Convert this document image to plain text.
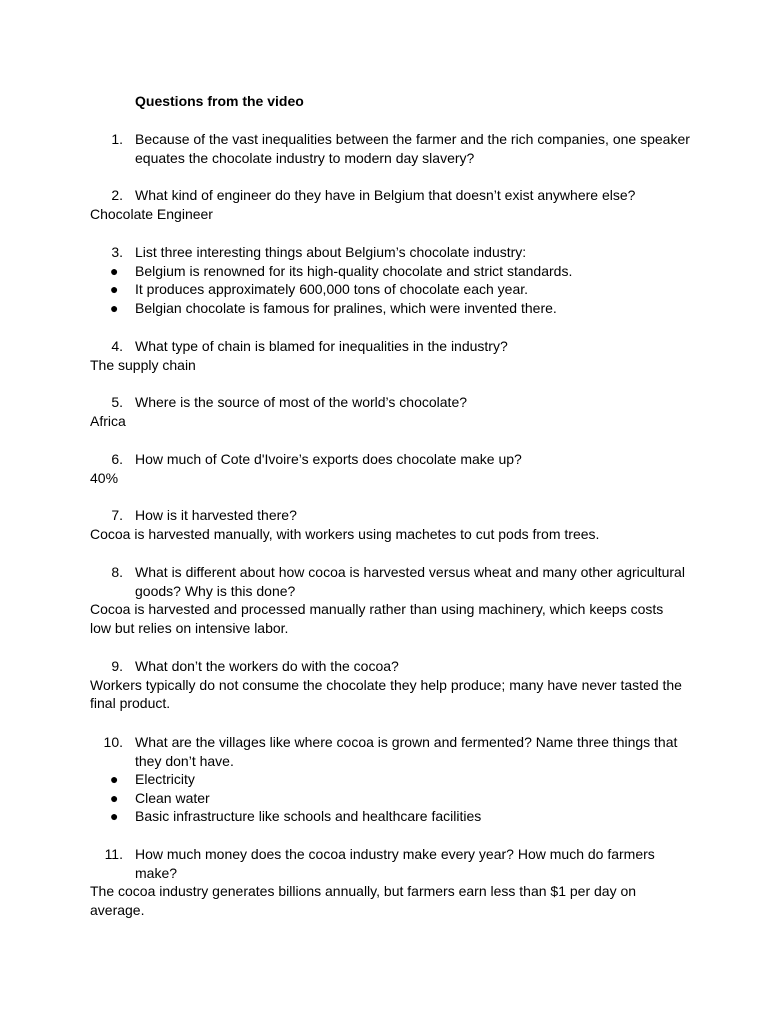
Questions from the video
1. Because of the vast inequalities between the farmer and the rich companies, one speaker equates the chocolate industry to modern day slavery?
2. What kind of engineer do they have in Belgium that doesn’t exist anywhere else?
Chocolate Engineer
3. List three interesting things about Belgium’s chocolate industry:
● Belgium is renowned for its high-quality chocolate and strict standards.
● It produces approximately 600,000 tons of chocolate each year.
● Belgian chocolate is famous for pralines, which were invented there.
4. What type of chain is blamed for inequalities in the industry?
The supply chain
5. Where is the source of most of the world’s chocolate?
Africa
6. How much of Cote d'Ivoire’s exports does chocolate make up?
40%
7. How is it harvested there?
Cocoa is harvested manually, with workers using machetes to cut pods from trees.
8. What is different about how cocoa is harvested versus wheat and many other agricultural goods? Why is this done?
Cocoa is harvested and processed manually rather than using machinery, which keeps costs low but relies on intensive labor.
9. What don’t the workers do with the cocoa?
Workers typically do not consume the chocolate they help produce; many have never tasted the final product.
10. What are the villages like where cocoa is grown and fermented? Name three things that they don’t have.
● Electricity
● Clean water
● Basic infrastructure like schools and healthcare facilities
11. How much money does the cocoa industry make every year? How much do farmers make?
The cocoa industry generates billions annually, but farmers earn less than $1 per day on average.
